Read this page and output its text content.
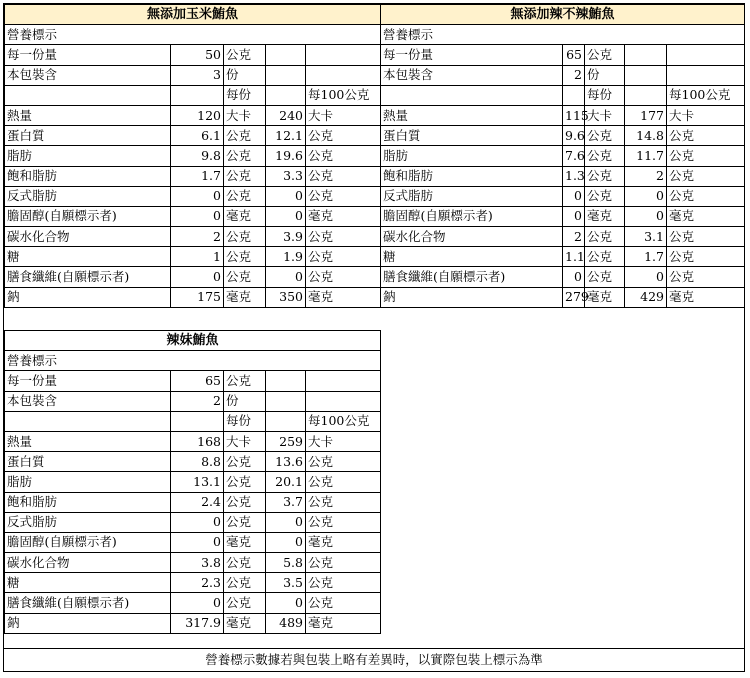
無添加玉米鮪魚				
營養標示				
每一份量	50	公克		
本包裝含	3	份		
		每份		每100公克
熱量	120	大卡	240	大卡
蛋白質	6.1	公克	12.1	公克
脂肪	9.8	公克	19.6	公克
飽和脂肪	1.7	公克	3.3	公克
反式脂肪	0	公克	0	公克
膽固醇(自願標示者)	0	毫克	0	毫克
碳水化合物	2	公克	3.9	公克
糖	1	公克	1.9	公克
膳食纖維(自願標示者)	0	公克	0	公克
鈉	175	毫克	350	毫克
無添加辣不辣鮪魚				
營養標示				
每一份量	65	公克		
本包裝含	2	份		
		每份		每100公克
熱量	115	大卡	177	大卡
蛋白質	9.6	公克	14.8	公克
脂肪	7.6	公克	11.7	公克
飽和脂肪	1.3	公克	2	公克
反式脂肪	0	公克	0	公克
膽固醇(自願標示者)	0	毫克	0	毫克
碳水化合物	2	公克	3.1	公克
糖	1.1	公克	1.7	公克
膳食纖維(自願標示者)	0	公克	0	公克
鈉	279	毫克	429	毫克
辣妹鮪魚				
營養標示				
每一份量	65	公克		
本包裝含	2	份		
		每份		每100公克
熱量	168	大卡	259	大卡
蛋白質	8.8	公克	13.6	公克
脂肪	13.1	公克	20.1	公克
飽和脂肪	2.4	公克	3.7	公克
反式脂肪	0	公克	0	公克
膽固醇(自願標示者)	0	毫克	0	毫克
碳水化合物	3.8	公克	5.8	公克
糖	2.3	公克	3.5	公克
膳食纖維(自願標示者)	0	公克	0	公克
鈉	317.9	毫克	489	毫克
營養標示數據若與包裝上略有差異時，以實際包裝上標示為準
